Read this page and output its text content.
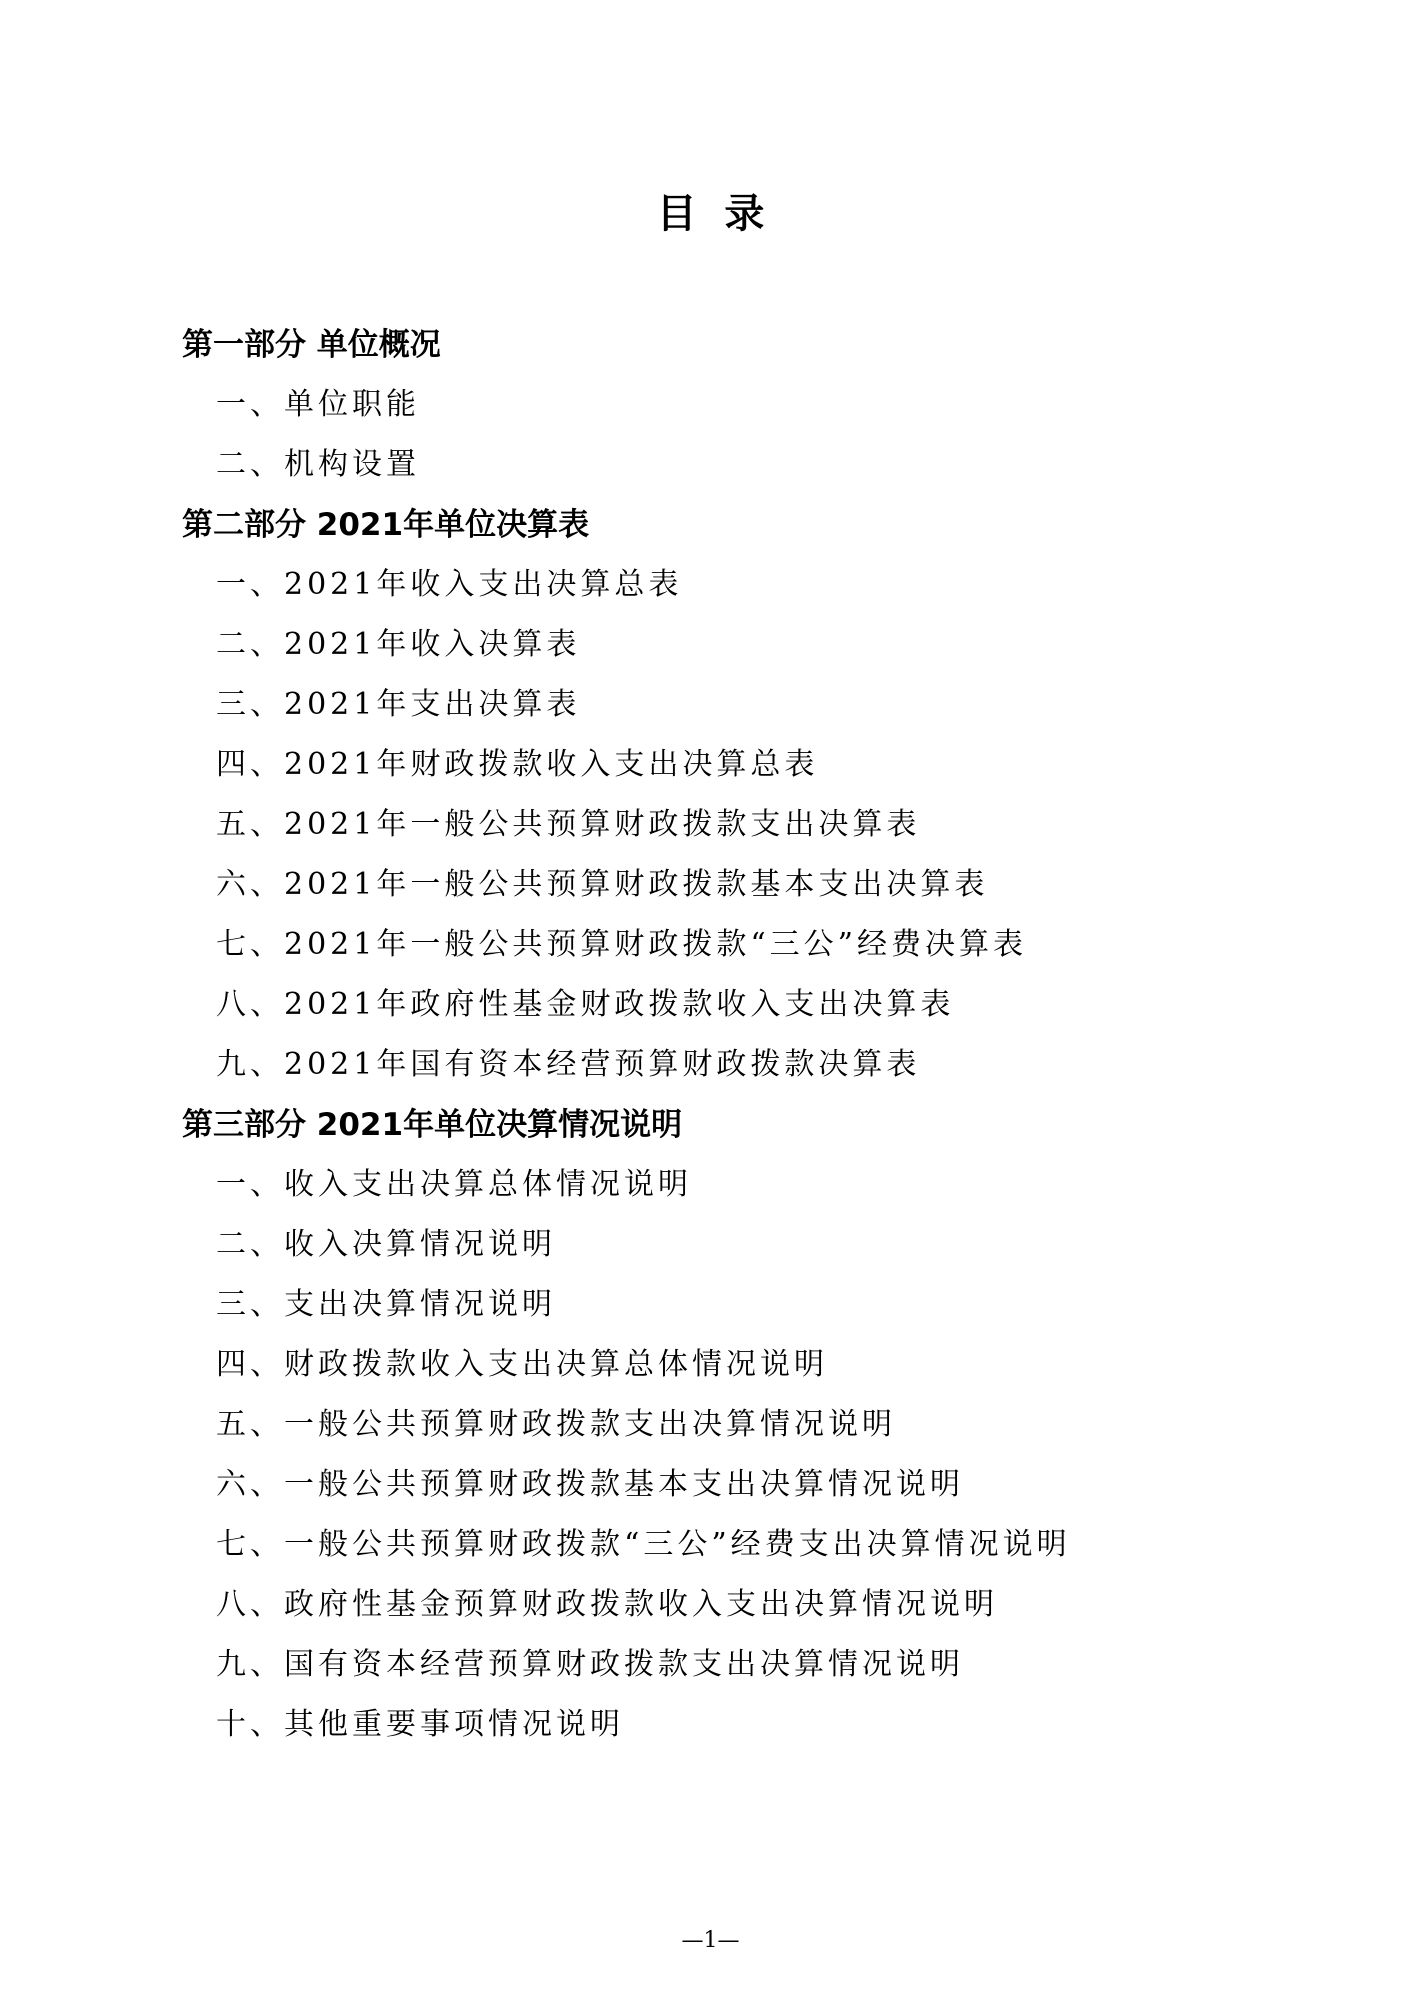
目  录
第一部分 单位概况
一、单位职能
二、机构设置
第二部分 2021年单位决算表
一、2021年收入支出决算总表
二、2021年收入决算表
三、2021年支出决算表
四、2021年财政拨款收入支出决算总表
五、2021年一般公共预算财政拨款支出决算表
六、2021年一般公共预算财政拨款基本支出决算表
七、2021年一般公共预算财政拨款“三公”经费决算表
八、2021年政府性基金财政拨款收入支出决算表
九、2021年国有资本经营预算财政拨款决算表
第三部分 2021年单位决算情况说明
一、收入支出决算总体情况说明
二、收入决算情况说明
三、支出决算情况说明
四、财政拨款收入支出决算总体情况说明
五、一般公共预算财政拨款支出决算情况说明
六、一般公共预算财政拨款基本支出决算情况说明
七、一般公共预算财政拨款“三公”经费支出决算情况说明
八、政府性基金预算财政拨款收入支出决算情况说明
九、国有资本经营预算财政拨款支出决算情况说明
十、其他重要事项情况说明
—1—
